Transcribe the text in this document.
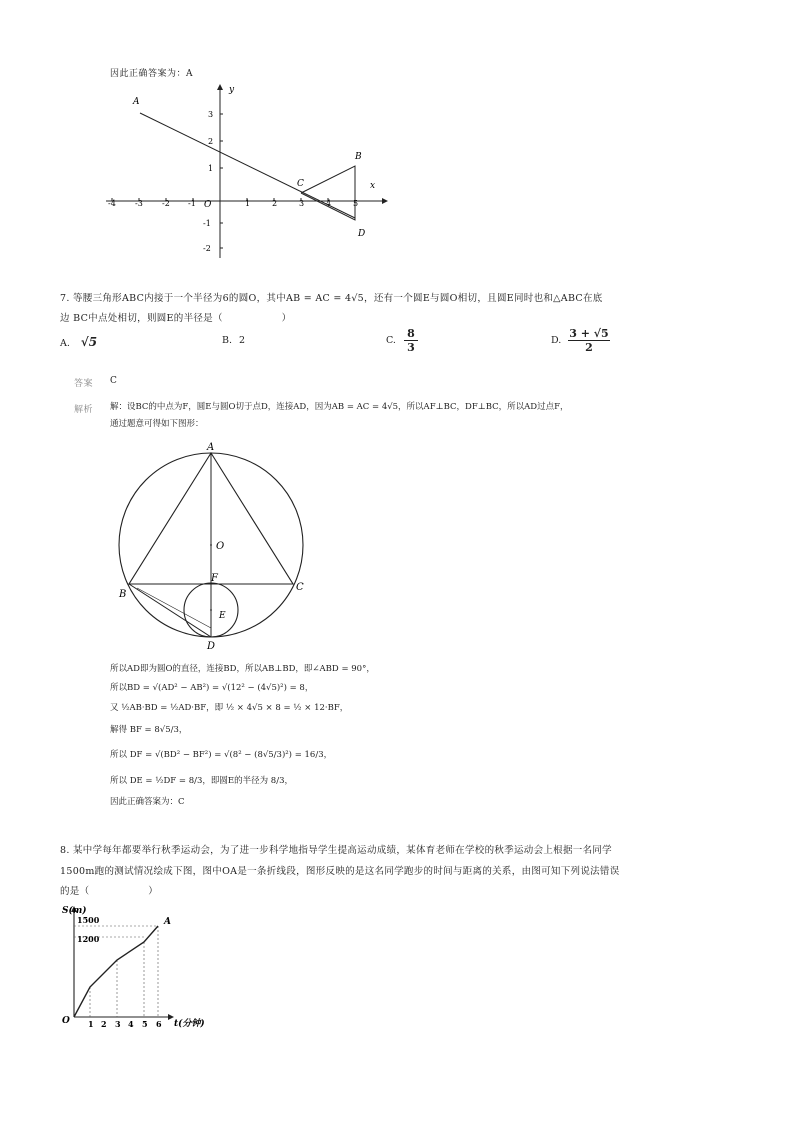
因此正确答案为：A
y
x
O
-4 -3 -2 -1	1	2	3	4	5
3
2
1
-1
-2
A
B
C
D
7. 等腰三角形ABC内接于一个半径为6的圆O，其中AB = AC = 4√5，还有一个圆E与圆O相切，且圆E同时也和△ABC在底
边 BC中点处相切，则圆E的半径是（　　　　　　）
A. √5	B. 2	C. $\frac{8}{3}$	D. $\frac{3 + √5}{2}$
答案 C
解析 解：设BC的中点为F，圆E与圆O切于点D，连接AD，因为AB = AC = 4√5，所以AF⊥BC，DF⊥BC，所以AD过点F，
通过题意可得如下图形：
A
O
F
B
C
E
D
所以AD即为圆O的直径，连接BD，所以AB⊥BD，即∠ABD = 90°，
所以BD = √(AD² − AB²) = √(12² − (4√5)²) = 8，
又 ½AB·BD = ½AD·BF，即 ½ × 4√5 × 8 = ½ × 12·BF，
解得 BF = 8√5/3，
所以 DF = √(BD² − BF²) = √(8² − (8√5/3)²) = 16/3，
所以 DE = ½DF = 8/3，即圆E的半径为 8/3，
因此正确答案为：C
8. 某中学每年都要举行秋季运动会，为了进一步科学地指导学生提高运动成绩，某体育老师在学校的秋季运动会上根据一名同学
1500m跑的测试情况绘成下图，图中OA是一条折线段，图形反映的是这名同学跑步的时间与距离的关系，由图可知下列说法错误
的是（　　　　　　）
S(m)
t(分钟)
O
1500
1200
1 2 3 4 5 6
A
